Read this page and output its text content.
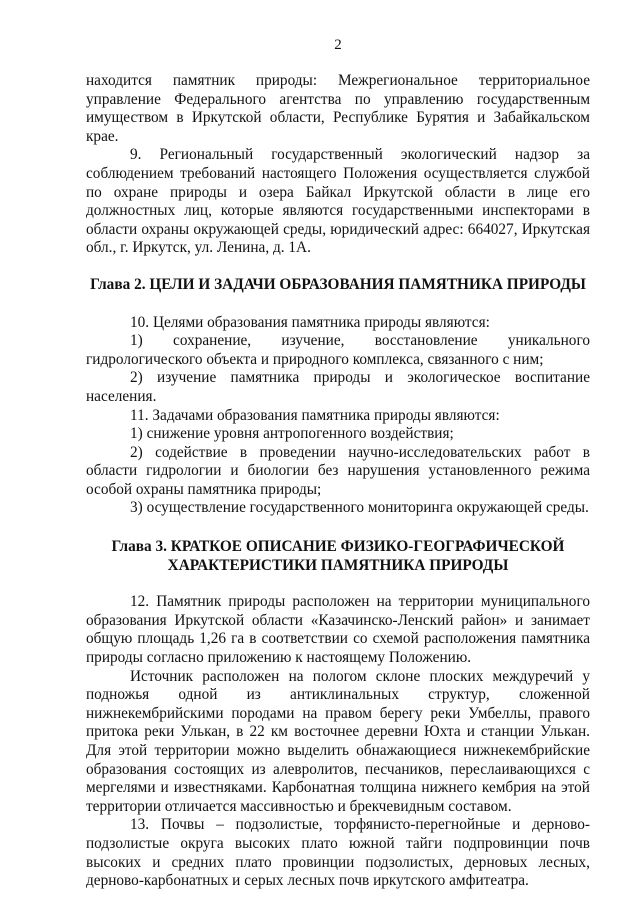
2

находится памятник природы: Межрегиональное территориальное управление Федерального агентства по управлению государственным имуществом в Иркутской области, Республике Бурятия и Забайкальском крае.

9. Региональный государственный экологический надзор за соблюдением требований настоящего Положения осуществляется службой по охране природы и озера Байкал Иркутской области в лице его должностных лиц, которые являются государственными инспекторами в области охраны окружающей среды, юридический адрес: 664027, Иркутская обл., г. Иркутск, ул. Ленина, д. 1А.

Глава 2. ЦЕЛИ И ЗАДАЧИ ОБРАЗОВАНИЯ ПАМЯТНИКА ПРИРОДЫ

10. Целями образования памятника природы являются:

1) сохранение, изучение, восстановление уникального гидрологического объекта и природного комплекса, связанного с ним;

2) изучение памятника природы и экологическое воспитание населения.

11. Задачами образования памятника природы являются:

1) снижение уровня антропогенного воздействия;

2) содействие в проведении научно-исследовательских работ в области гидрологии и биологии без нарушения установленного режима особой охраны памятника природы;

3) осуществление государственного мониторинга окружающей среды.

Глава 3. КРАТКОЕ ОПИСАНИЕ ФИЗИКО-ГЕОГРАФИЧЕСКОЙ
ХАРАКТЕРИСТИКИ ПАМЯТНИКА ПРИРОДЫ

12. Памятник природы расположен на территории муниципального образования Иркутской области «Казачинско-Ленский район» и занимает общую площадь 1,26 га в соответствии со схемой расположения памятника природы согласно приложению к настоящему Положению.

Источник расположен на пологом склоне плоских междуречий у подножья одной из антиклинальных структур, сложенной нижнекембрийскими породами на правом берегу реки Умбеллы, правого притока реки Улькан, в 22 км восточнее деревни Юхта и станции Улькан. Для этой территории можно выделить обнажающиеся нижнекембрийские образования состоящих из алевролитов, песчаников, переслаивающихся с мергелями и известняками. Карбонатная толщина нижнего кембрия на этой территории отличается массивностью и брекчевидным составом.

13. Почвы – подзолистые, торфянисто-перегнойные и дерново-подзолистые округа высоких плато южной тайги подпровинции почв высоких и средних плато провинции подзолистых, дерновых лесных, дерново-карбонатных и серых лесных почв иркутского амфитеатра.
